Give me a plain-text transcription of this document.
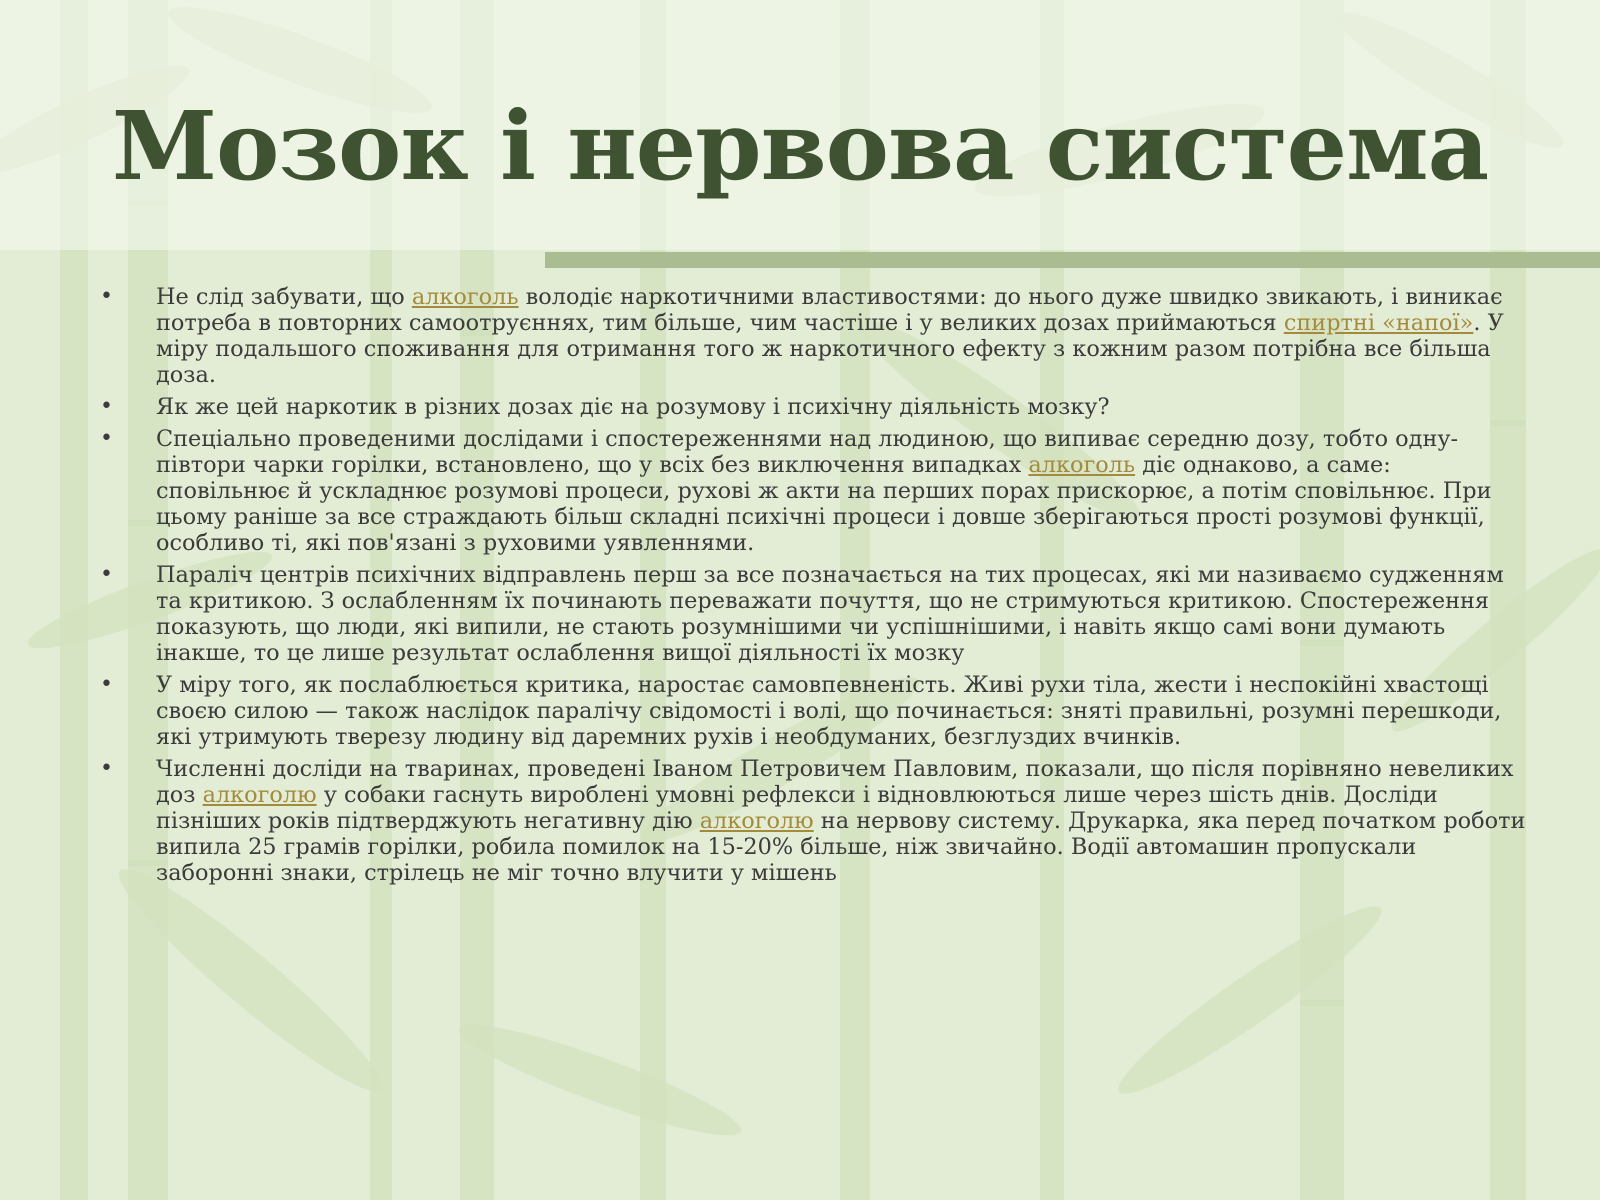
Мозок і нервова система
• Не слід забувати, що алкоголь володіє наркотичними властивостями: до нього дуже швидко звикають, і виникає потреба в повторних самоотруєннях, тим більше, чим частіше і у великих дозах приймаються спиртні «напої». У міру подальшого споживання для отримання того ж наркотичного ефекту з кожним разом потрібна все більша доза.
• Як же цей наркотик в різних дозах діє на розумову і психічну діяльність мозку?
• Спеціально проведеними дослідами і спостереженнями над людиною, що випиває середню дозу, тобто одну-півтори чарки горілки, встановлено, що у всіх без виключення випадках алкоголь діє однаково, а саме: сповільнює й ускладнює розумові процеси, рухові ж акти на перших порах прискорює, а потім сповільнює. При цьому раніше за все страждають більш складні психічні процеси і довше зберігаються прості розумові функції, особливо ті, які пов'язані з руховими уявленнями.
• Параліч центрів психічних відправлень перш за все позначається на тих процесах, які ми називаємо судженням та критикою. З ослабленням їх починають переважати почуття, що не стримуються критикою. Спостереження показують, що люди, які випили, не стають розумнішими чи успішнішими, і навіть якщо самі вони думають інакше, то це лише результат ослаблення вищої діяльності їх мозку
• У міру того, як послаблюється критика, наростає самовпевненість. Живі рухи тіла, жести і неспокійні хвастощі своєю силою — також наслідок паралічу свідомості і волі, що починається: зняті правильні, розумні перешкоди, які утримують тверезу людину від даремних рухів і необдуманих, безглуздих вчинків.
• Численні досліди на тваринах, проведені Іваном Петровичем Павловим, показали, що після порівняно невеликих доз алкоголю у собаки гаснуть вироблені умовні рефлекси і відновлюються лише через шість днів. Досліди пізніших років підтверджують негативну дію алкоголю на нервову систему. Друкарка, яка перед початком роботи випила 25 грамів горілки, робила помилок на 15-20% більше, ніж звичайно. Водії автомашин пропускали заборонні знаки, стрілець не міг точно влучити у мішень
